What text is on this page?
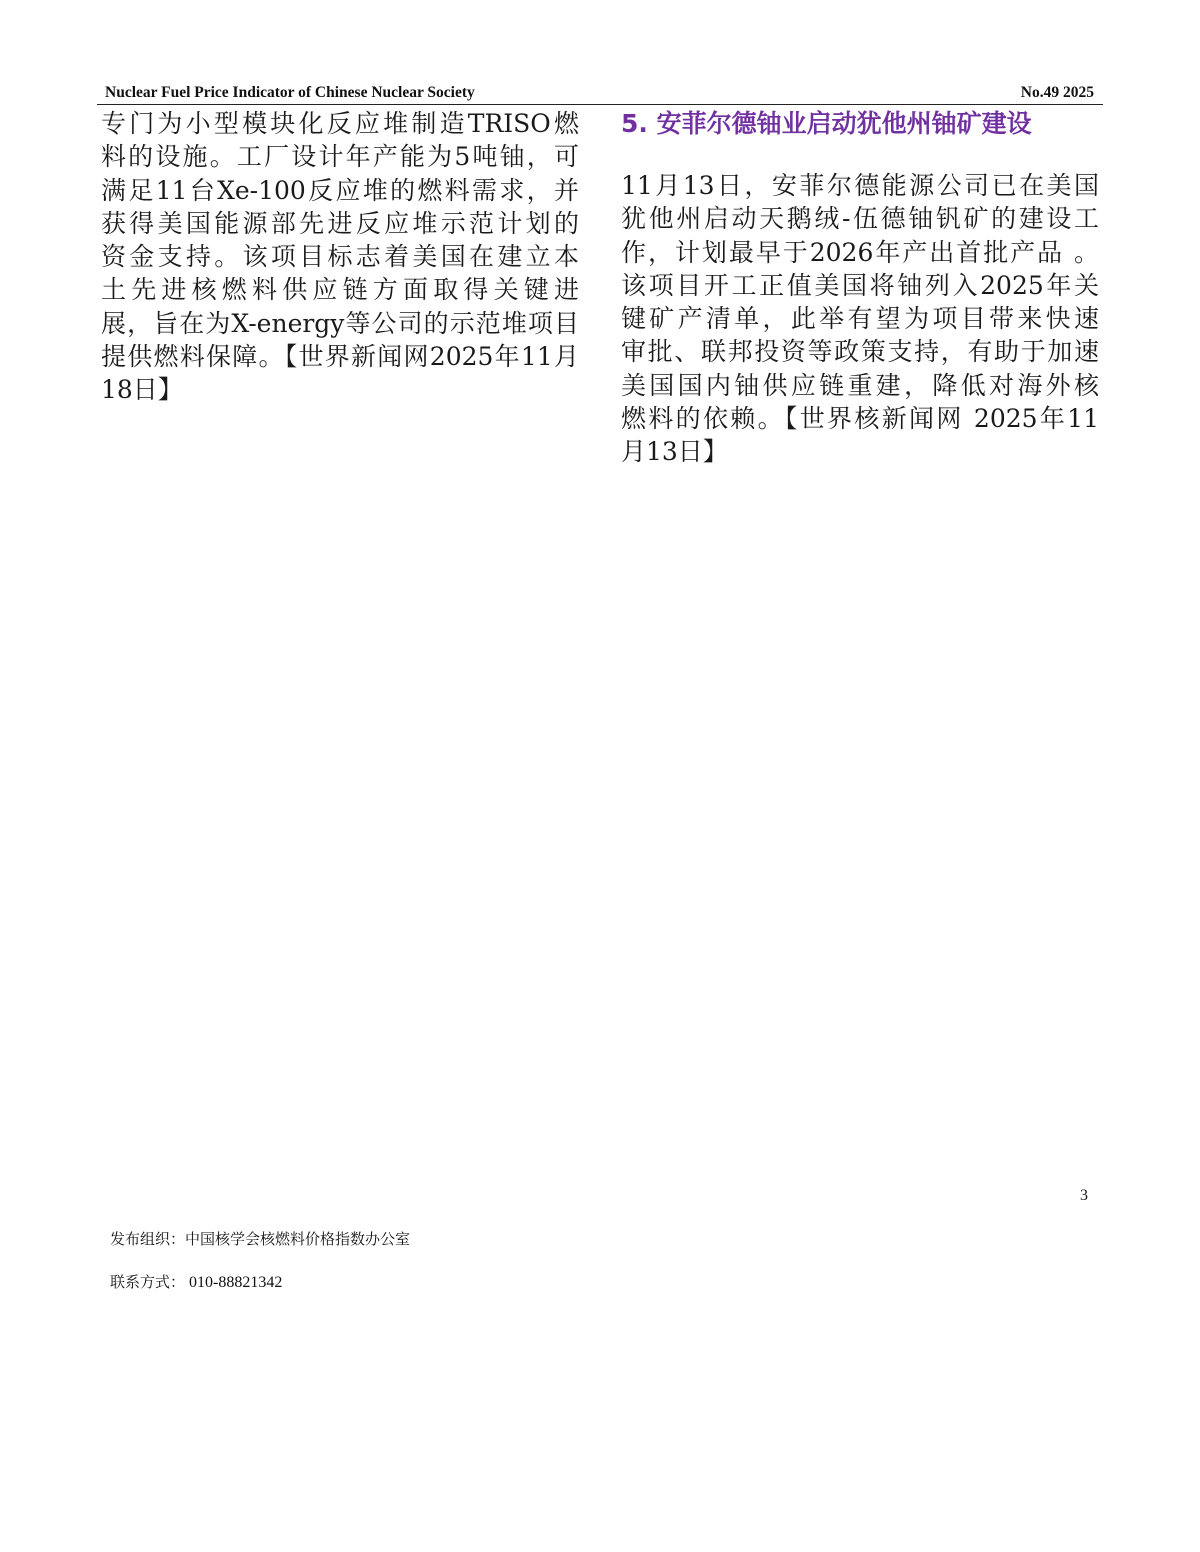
Nuclear Fuel Price Indicator of Chinese Nuclear Society	No.49 2025
专门为小型模块化反应堆制造TRISO燃
料的设施。工厂设计年产能为5吨铀，可
满足11台Xe-100反应堆的燃料需求，并
获得美国能源部先进反应堆示范计划的
资金支持。该项目标志着美国在建立本
土先进核燃料供应链方面取得关键进
展，旨在为X-energy等公司的示范堆项目
提供燃料保障。【世界新闻网2025年11月
18日】
5. 安菲尔德铀业启动犹他州铀矿建设
11月13日，安菲尔德能源公司已在美国
犹他州启动天鹅绒-伍德铀钒矿的建设工
作，计划最早于2026年产出首批产品 。
该项目开工正值美国将铀列入2025年关
键矿产清单，此举有望为项目带来快速
审批、联邦投资等政策支持，有助于加速
美国国内铀供应链重建，降低对海外核
燃料的依赖。【世界核新闻网 2025年11
月13日】
3
发布组织：中国核学会核燃料价格指数办公室
联系方式： 010-88821342
